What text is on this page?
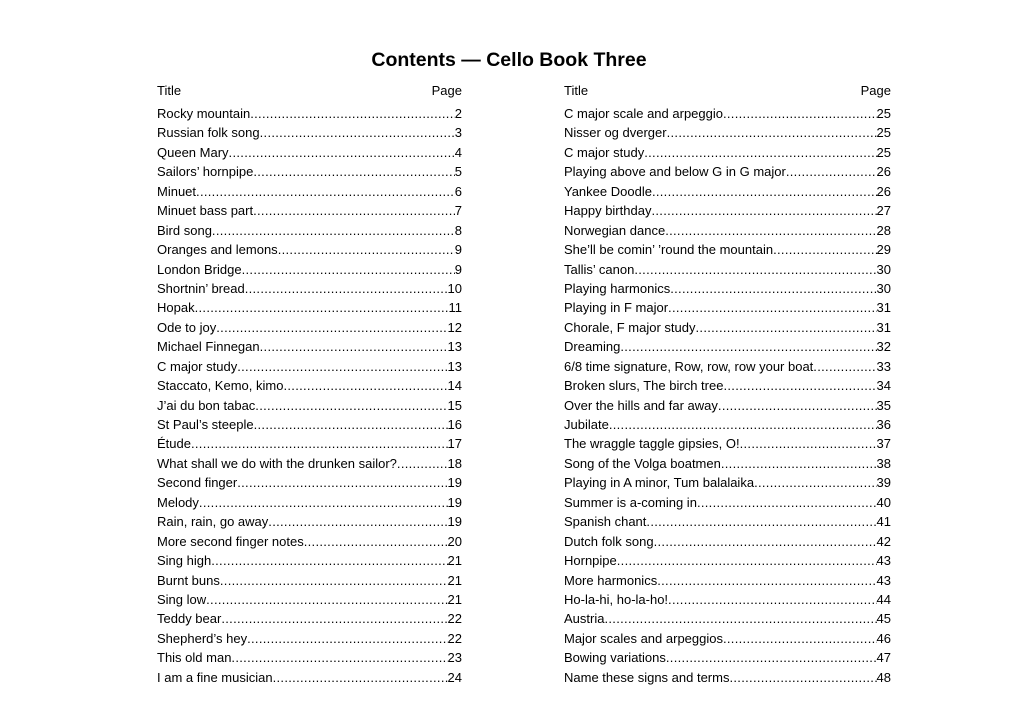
Contents — Cello Book Three
Title	Page
Rocky mountain .....	2
Russian folk song .....	3
Queen Mary .....	4
Sailors’ hornpipe .....	5
Minuet .....	6
Minuet bass part .....	7
Bird song .....	8
Oranges and lemons .....	9
London Bridge .....	9
Shortnin’ bread .....	10
Hopak .....	11
Ode to joy .....	12
Michael Finnegan .....	13
C major study .....	13
Staccato, Kemo, kimo .....	14
J’ai du bon tabac .....	15
St Paul’s steeple .....	16
Étude .....	17
What shall we do with the drunken sailor? .....	18
Second finger .....	19
Melody .....	19
Rain, rain, go away .....	19
More second finger notes .....	20
Sing high .....	21
Burnt buns .....	21
Sing low .....	21
Teddy bear .....	22
Shepherd’s hey .....	22
This old man .....	23
I am a fine musician .....	24
Title	Page
C major scale and arpeggio .....	25
Nisser og dverger .....	25
C major study .....	25
Playing above and below G in G major .....	26
Yankee Doodle .....	26
Happy birthday .....	27
Norwegian dance .....	28
She’ll be comin’ ’round the mountain .....	29
Tallis’ canon .....	30
Playing harmonics .....	30
Playing in F major .....	31
Chorale, F major study .....	31
Dreaming .....	32
6/8 time signature, Row, row, row your boat .....	33
Broken slurs, The birch tree .....	34
Over the hills and far away .....	35
Jubilate .....	36
The wraggle taggle gipsies, O! .....	37
Song of the Volga boatmen .....	38
Playing in A minor, Tum balalaika .....	39
Summer is a-coming in .....	40
Spanish chant .....	41
Dutch folk song .....	42
Hornpipe .....	43
More harmonics .....	43
Ho-la-hi, ho-la-ho! .....	44
Austria .....	45
Major scales and arpeggios .....	46
Bowing variations .....	47
Name these signs and terms .....	48
